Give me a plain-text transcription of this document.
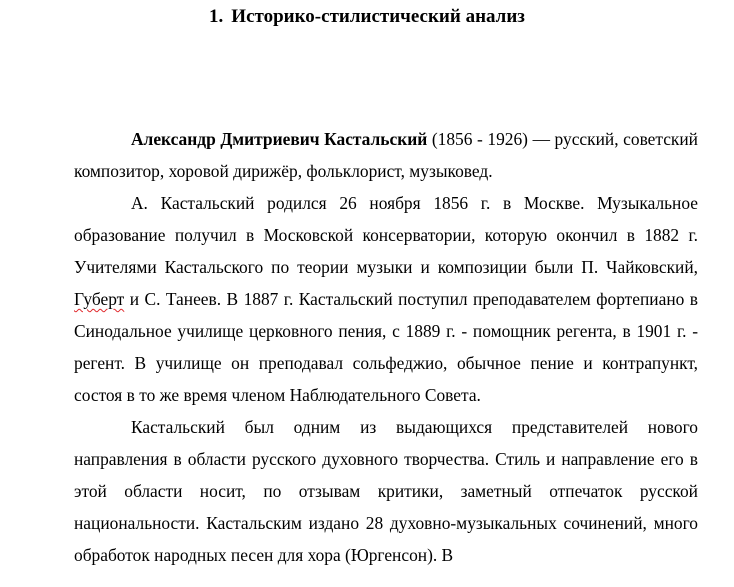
1. Историко-стилистический анализ

Александр Дмитриевич Кастальский (1856 - 1926) — русский, советский композитор, хоровой дирижёр, фольклорист, музыковед.

А. Кастальский родился 26 ноября 1856 г. в Москве. Музыкальное образование получил в Московской консерватории, которую окончил в 1882 г. Учителями Кастальского по теории музыки и композиции были П. Чайковский, Губерт и С. Танеев. В 1887 г. Кастальский поступил преподавателем фортепиано в Синодальное училище церковного пения, с 1889 г. - помощник регента, в 1901 г. - регент. В училище он преподавал сольфеджио, обычное пение и контрапункт, состоя в то же время членом Наблюдательного Совета.

Кастальский был одним из выдающихся представителей нового направления в области русского духовного творчества. Стиль и направление его в этой области носит, по отзывам критики, заметный отпечаток русской национальности. Кастальским издано 28 духовно-музыкальных сочинений, много обработок народных песен для хора (Юргенсон). В
